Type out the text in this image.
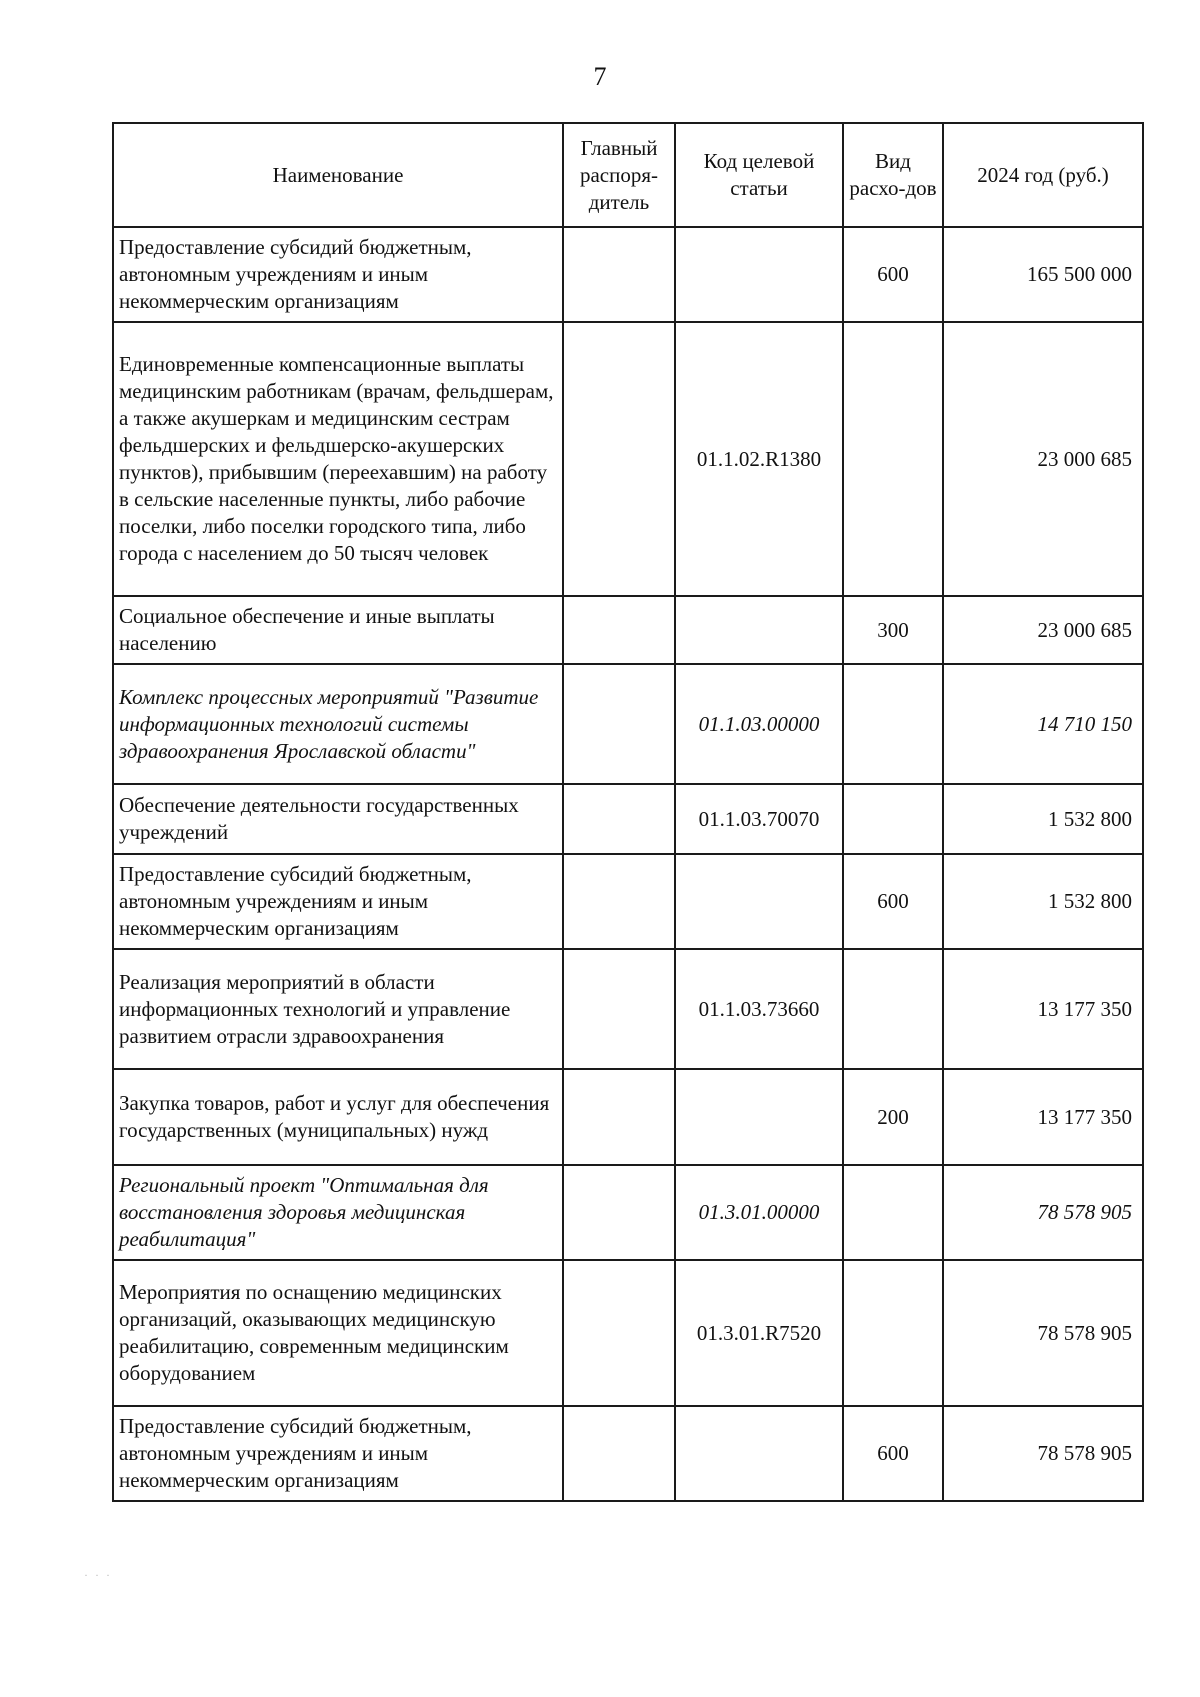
7
Наименование	Главный распоря-дитель	Код целевой статьи	Вид расхо-дов	2024 год (руб.)
Предоставление субсидий бюджетным, автономным учреждениям и иным некоммерческим организациям			600	165 500 000
Единовременные компенсационные выплаты медицинским работникам (врачам, фельдшерам, а также акушеркам и медицинским сестрам фельдшерских и фельдшерско-акушерских пунктов), прибывшим (переехавшим) на работу в сельские населенные пункты, либо рабочие поселки, либо поселки городского типа, либо города с населением до 50 тысяч человек		01.1.02.R1380		23 000 685
Социальное обеспечение и иные выплаты населению			300	23 000 685
Комплекс процессных мероприятий "Развитие информационных технологий системы здравоохранения Ярославской области"		01.1.03.00000		14 710 150
Обеспечение деятельности государственных учреждений		01.1.03.70070		1 532 800
Предоставление субсидий бюджетным, автономным учреждениям и иным некоммерческим организациям			600	1 532 800
Реализация мероприятий в области информационных технологий и управление развитием отрасли здравоохранения		01.1.03.73660		13 177 350
Закупка товаров, работ и услуг для обеспечения государственных (муниципальных) нужд			200	13 177 350
Региональный проект "Оптимальная для восстановления здоровья медицинская реабилитация"		01.3.01.00000		78 578 905
Мероприятия по оснащению медицинских организаций, оказывающих медицинскую реабилитацию, современным медицинским оборудованием		01.3.01.R7520		78 578 905
Предоставление субсидий бюджетным, автономным учреждениям и иным некоммерческим организациям			600	78 578 905
· · ·
